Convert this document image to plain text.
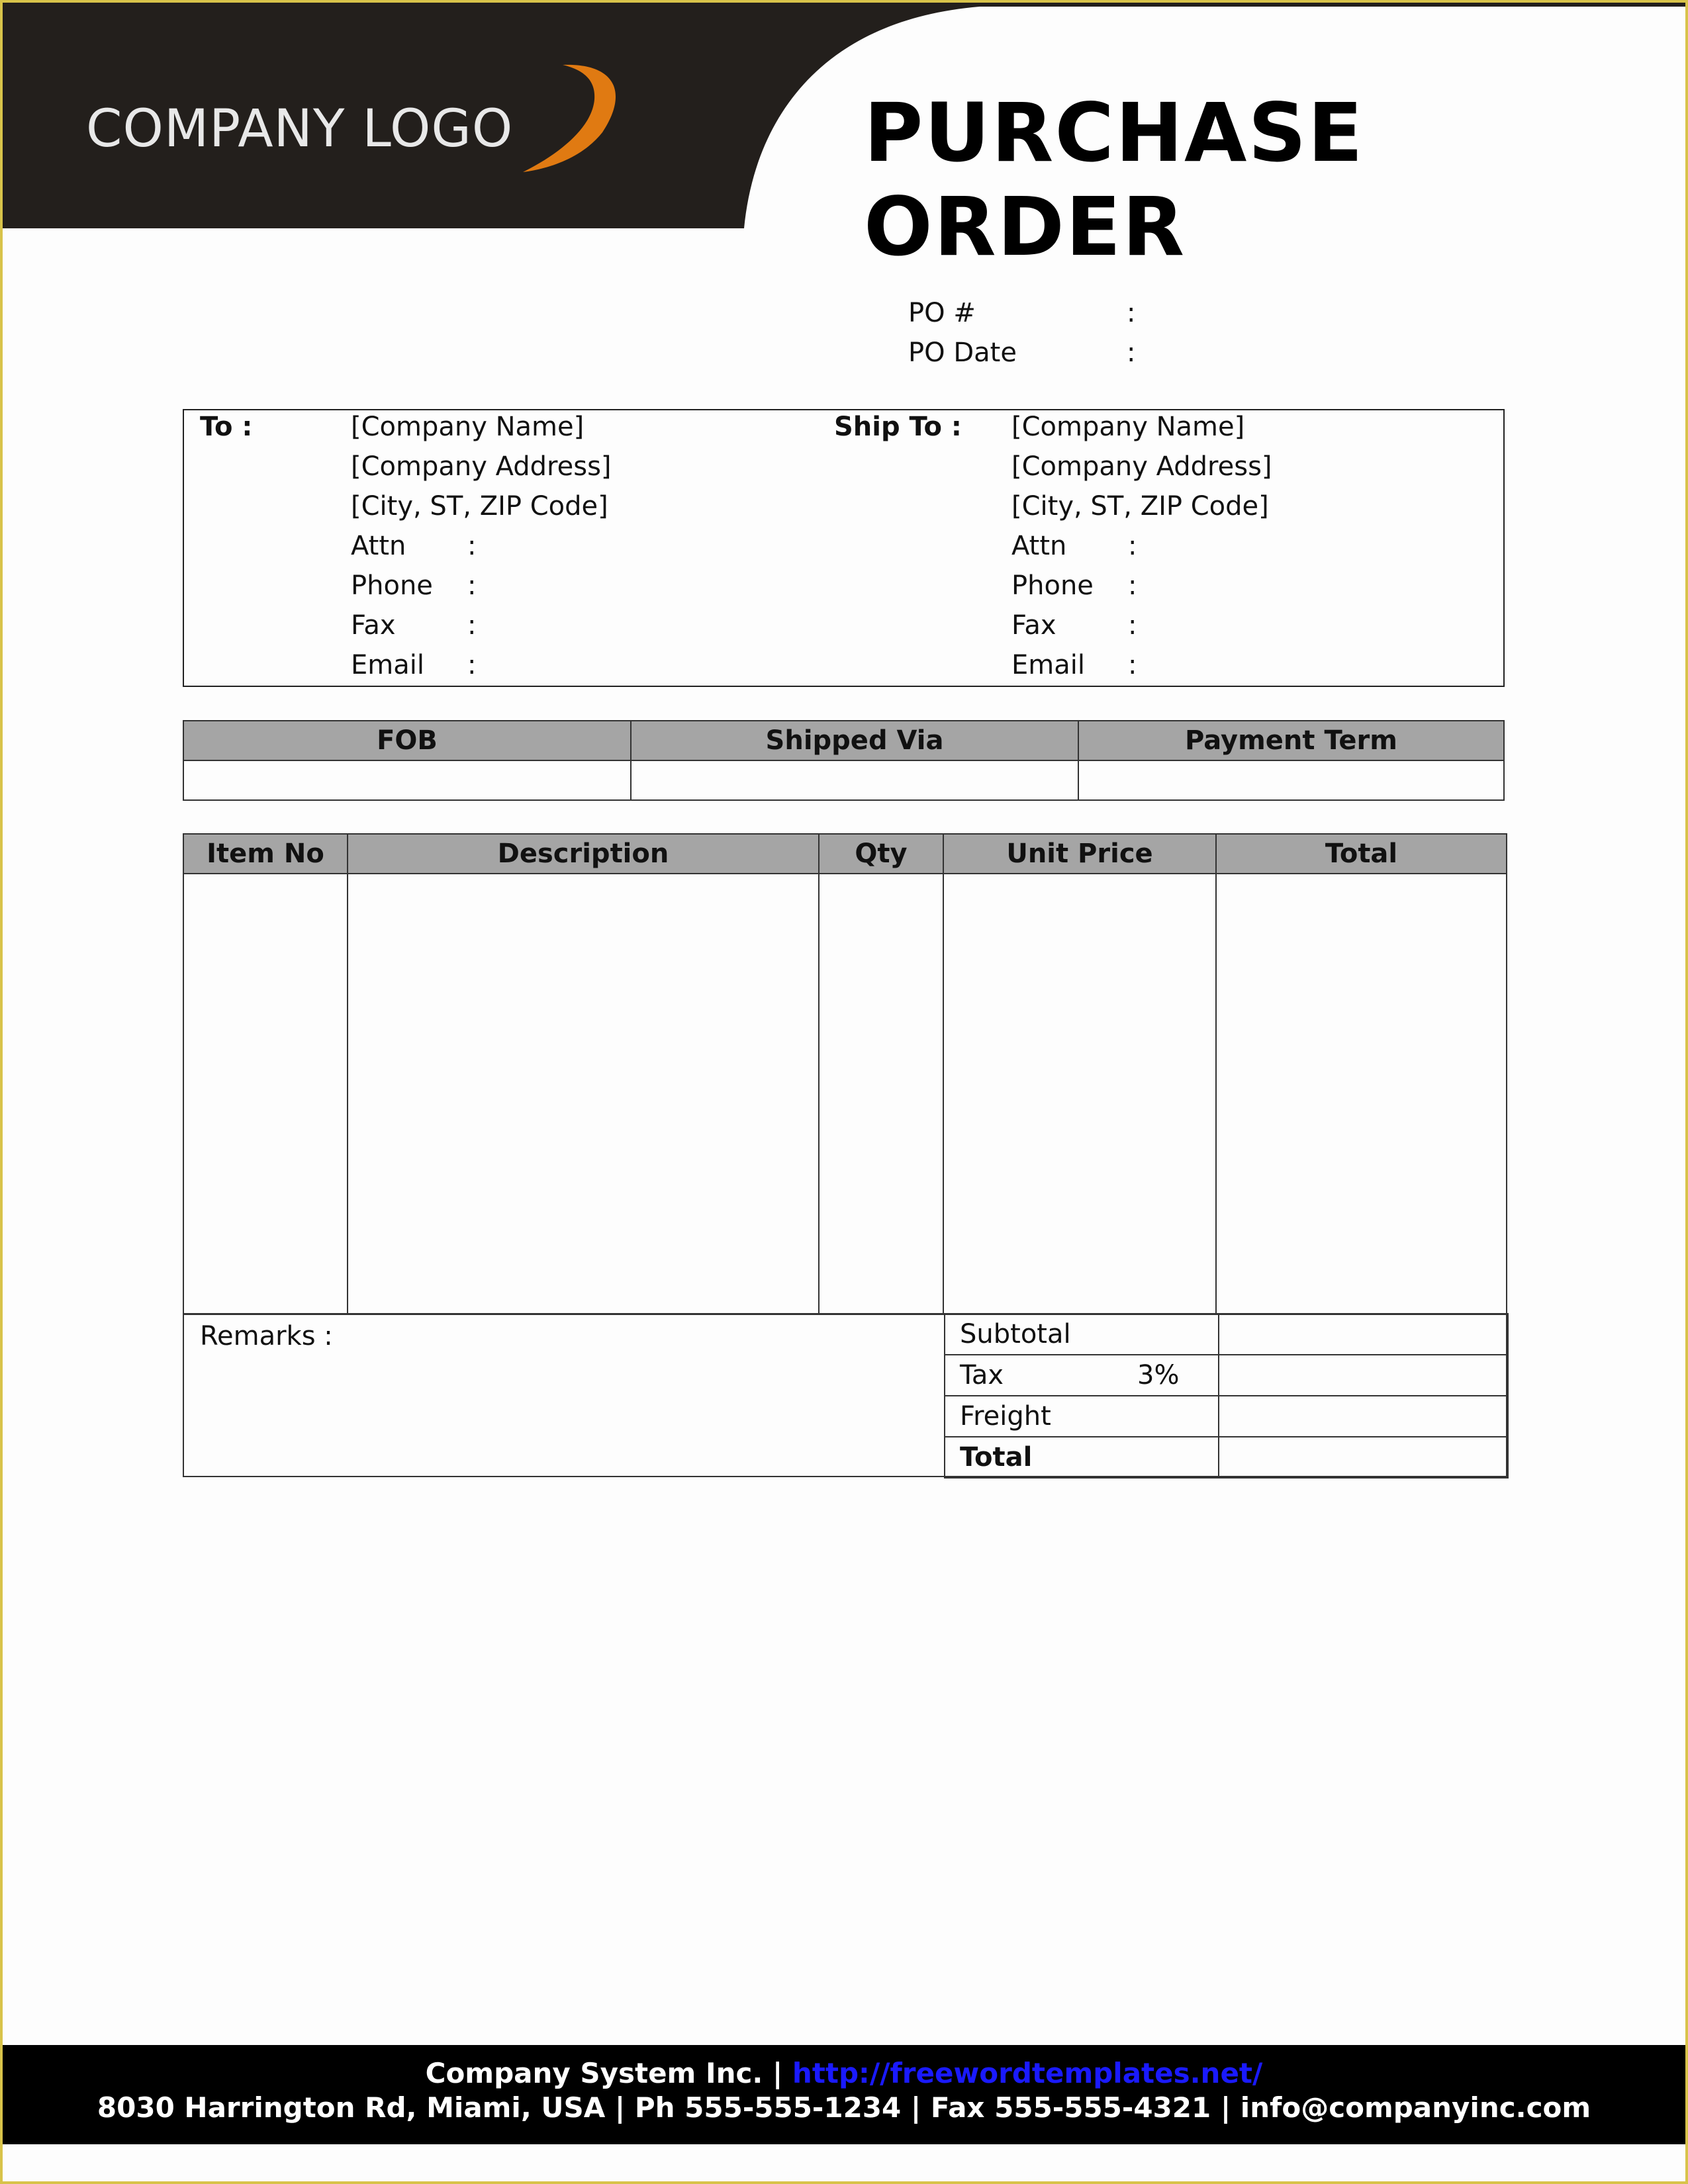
COMPANY LOGO	PURCHASE ORDER
PO #	:
PO Date	:
To :	[Company Name]
[Company Address]
[City, ST, ZIP Code]
Attn :
Phone :
Fax	:
Email :
Ship To : [Company Name]
[Company Address]
[City, ST, ZIP Code]
Attn :
Phone :
Fax	:
Email :
FOB	Shipped Via	Payment Term

Item No	Description	Qty	Unit Price	Total

Remarks :	Subtotal	
Tax 3%	

Freight	
Total	
Company System Inc. | http://freewordtemplates.net/
8030 Harrington Rd, Miami, USA | Ph 555-555-1234 | Fax 555-555-4321 | info@companyinc.com
